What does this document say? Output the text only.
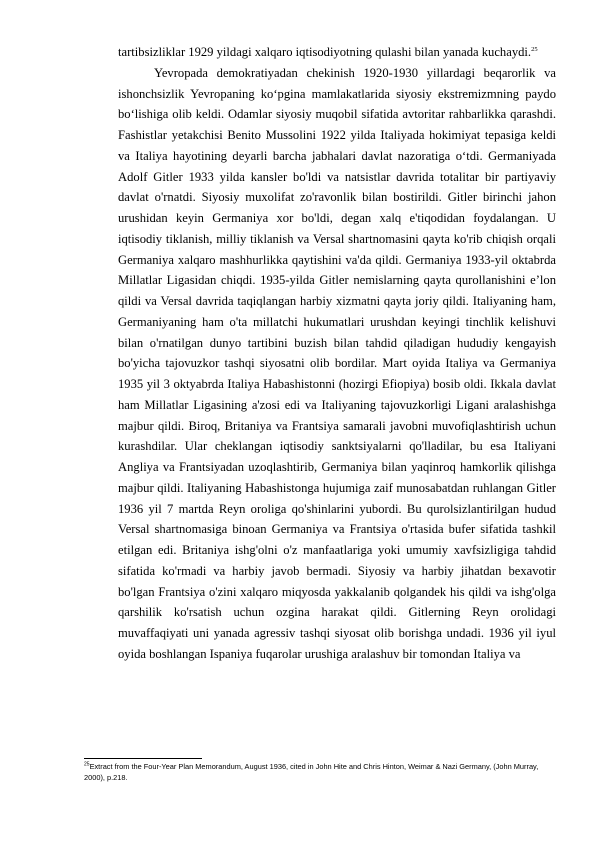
tartibsizliklar 1929 yildagi xalqaro iqtisodiyotning qulashi bilan yanada kuchaydi.$^{25}$

Yevropada demokratiyadan chekinish 1920-1930 yillardagi beqarorlik va ishonchsizlik Yevropaning ko‘pgina mamlakatlarida siyosiy ekstremizmning paydo bo‘lishiga olib keldi. Odamlar siyosiy muqobil sifatida avtoritar rahbarlikka qarashdi. Fashistlar yetakchisi Benito Mussolini 1922 yilda Italiyada hokimiyat tepasiga keldi va Italiya hayotining deyarli barcha jabhalari davlat nazoratiga o‘tdi. Germaniyada Adolf Gitler 1933 yilda kansler bo'ldi va natsistlar davrida totalitar bir partiyaviy davlat o'rnatdi. Siyosiy muxolifat zo'ravonlik bilan bostirildi. Gitler birinchi jahon urushidan keyin Germaniya xor bo'ldi, degan xalq e'tiqodidan foydalangan. U iqtisodiy tiklanish, milliy tiklanish va Versal shartnomasini qayta ko'rib chiqish orqali Germaniya xalqaro mashhurlikka qaytishini va'da qildi. Germaniya 1933-yil oktabrda Millatlar Ligasidan chiqdi. 1935-yilda Gitler nemislarning qayta qurollanishini e’lon qildi va Versal davrida taqiqlangan harbiy xizmatni qayta joriy qildi. Italiyaning ham, Germaniyaning ham o'ta millatchi hukumatlari urushdan keyingi tinchlik kelishuvi bilan o'rnatilgan dunyo tartibini buzish bilan tahdid qiladigan hududiy kengayish bo'yicha tajovuzkor tashqi siyosatni olib bordilar. Mart oyida Italiya va Germaniya 1935 yil 3 oktyabrda Italiya Habashistonni (hozirgi Efiopiya) bosib oldi. Ikkala davlat ham Millatlar Ligasining a'zosi edi va Italiyaning tajovuzkorligi Ligani aralashishga majbur qildi. Biroq, Britaniya va Frantsiya samarali javobni muvofiqlashtirish uchun kurashdilar. Ular cheklangan iqtisodiy sanktsiyalarni qo'lladilar, bu esa Italiyani Angliya va Frantsiyadan uzoqlashtirib, Germaniya bilan yaqinroq hamkorlik qilishga majbur qildi. Italiyaning Habashistonga hujumiga zaif munosabatdan ruhlangan Gitler 1936 yil 7 martda Reyn oroliga qo'shinlarini yubordi. Bu qurolsizlantirilgan hudud Versal shartnomasiga binoan Germaniya va Frantsiya o'rtasida bufer sifatida tashkil etilgan edi. Britaniya ishg'olni o'z manfaatlariga yoki umumiy xavfsizligiga tahdid sifatida ko'rmadi va harbiy javob bermadi. Siyosiy va harbiy jihatdan bexavotir bo'lgan Frantsiya o'zini xalqaro miqyosda yakkalanib qolgandek his qildi va ishg'olga qarshilik ko'rsatish uchun ozgina harakat qildi. Gitlerning Reyn orolidagi muvaffaqiyati uni yanada agressiv tashqi siyosat olib borishga undadi. 1936 yil iyul oyida boshlangan Ispaniya fuqarolar urushiga aralashuv bir tomondan Italiya va

$^{25}$Extract from the Four-Year Plan Memorandum, August 1936, cited in John Hite and Chris Hinton, Weimar & Nazi Germany, (John Murray, 2000), p.218.
